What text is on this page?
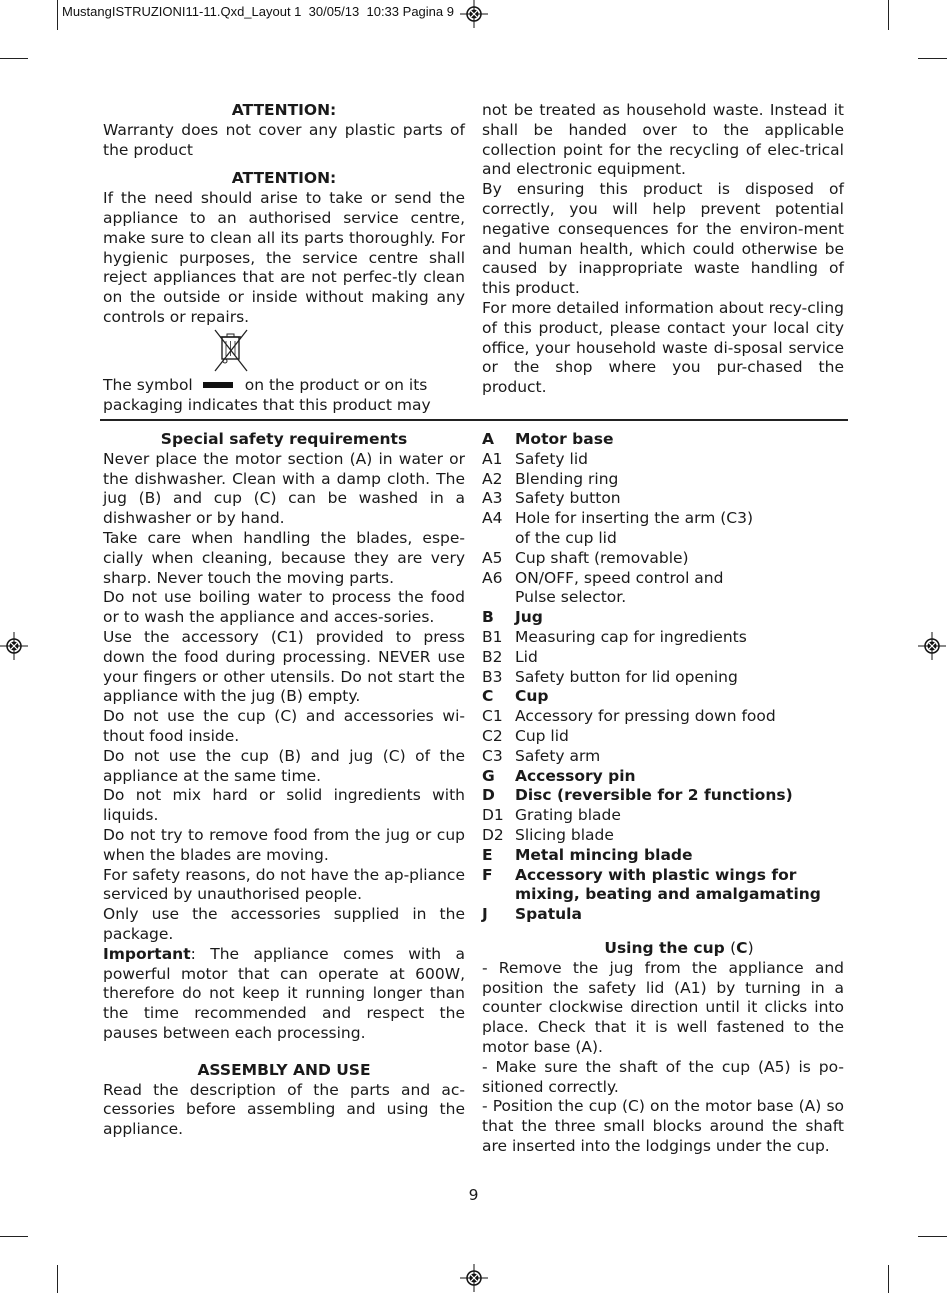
MustangISTRUZIONI11-11.Qxd_Layout 1 30/05/13 10:33 Pagina 9

ATTENTION:

Warranty does not cover any plastic parts of the product

ATTENTION:

If the need should arise to take or send the appliance to an authorised service centre, make sure to clean all its parts thoroughly. For hygienic purposes, the service centre shall reject appliances that are not perfec-tly clean on the outside or inside without making any controls or repairs.

The symbol	on the product or on its

packaging indicates that this product may

not be treated as household waste. Instead it shall be handed over to the applicable collection point for the recycling of elec-trical and electronic equipment.

By ensuring this product is disposed of correctly, you will help prevent potential negative consequences for the environ-ment and human health, which could otherwise be caused by inappropriate waste handling of this product.

For more detailed information about recy-cling of this product, please contact your local city office, your household waste di-sposal service or the shop where you pur-chased the product.

Special safety requirements

Never place the motor section (A) in water or the dishwasher. Clean with a damp cloth. The jug (B) and cup (C) can be washed in a dishwasher or by hand.

Take care when handling the blades, espe-cially when cleaning, because they are very sharp. Never touch the moving parts.

Do not use boiling water to process the food or to wash the appliance and acces-sories.

Use the accessory (C1) provided to press down the food during processing. NEVER use your fingers or other utensils. Do not start the appliance with the jug (B) empty.

Do not use the cup (C) and accessories wi-thout food inside.

Do not use the cup (B) and jug (C) of the appliance at the same time.

Do not mix hard or solid ingredients with liquids.

Do not try to remove food from the jug or cup when the blades are moving.

For safety reasons, do not have the ap-pliance serviced by unauthorised people.

Only use the accessories supplied in the package.

Important: The appliance comes with a powerful motor that can operate at 600W, therefore do not keep it running longer than the time recommended and respect the pauses between each processing.

ASSEMBLY AND USE

Read the description of the parts and ac-cessories before assembling and using the appliance.

A	Motor base
A1 Safety lid
A2 Blending ring
A3 Safety button
A4 Hole for inserting the arm (C3)
of the cup lid
A5 Cup shaft (removable)
A6 ON/OFF, speed control and
Pulse selector.
B	Jug
B1 Measuring cap for ingredients
B2 Lid
B3 Safety button for lid opening
C	Cup
C1 Accessory for pressing down food
C2 Cup lid
C3 Safety arm
G	Accessory pin
D	Disc (reversible for 2 functions)
D1 Grating blade
D2 Slicing blade
E	Metal mincing blade
F	Accessory with plastic wings for
mixing, beating and amalgamating
J	Spatula

Using the cup (C)

- Remove the jug from the appliance and position the safety lid (A1) by turning in a counter clockwise direction until it clicks into place. Check that it is well fastened to the motor base (A).

- Make sure the shaft of the cup (A5) is po-sitioned correctly.

- Position the cup (C) on the motor base (A) so that the three small blocks around the shaft are inserted into the lodgings under the cup.

9
